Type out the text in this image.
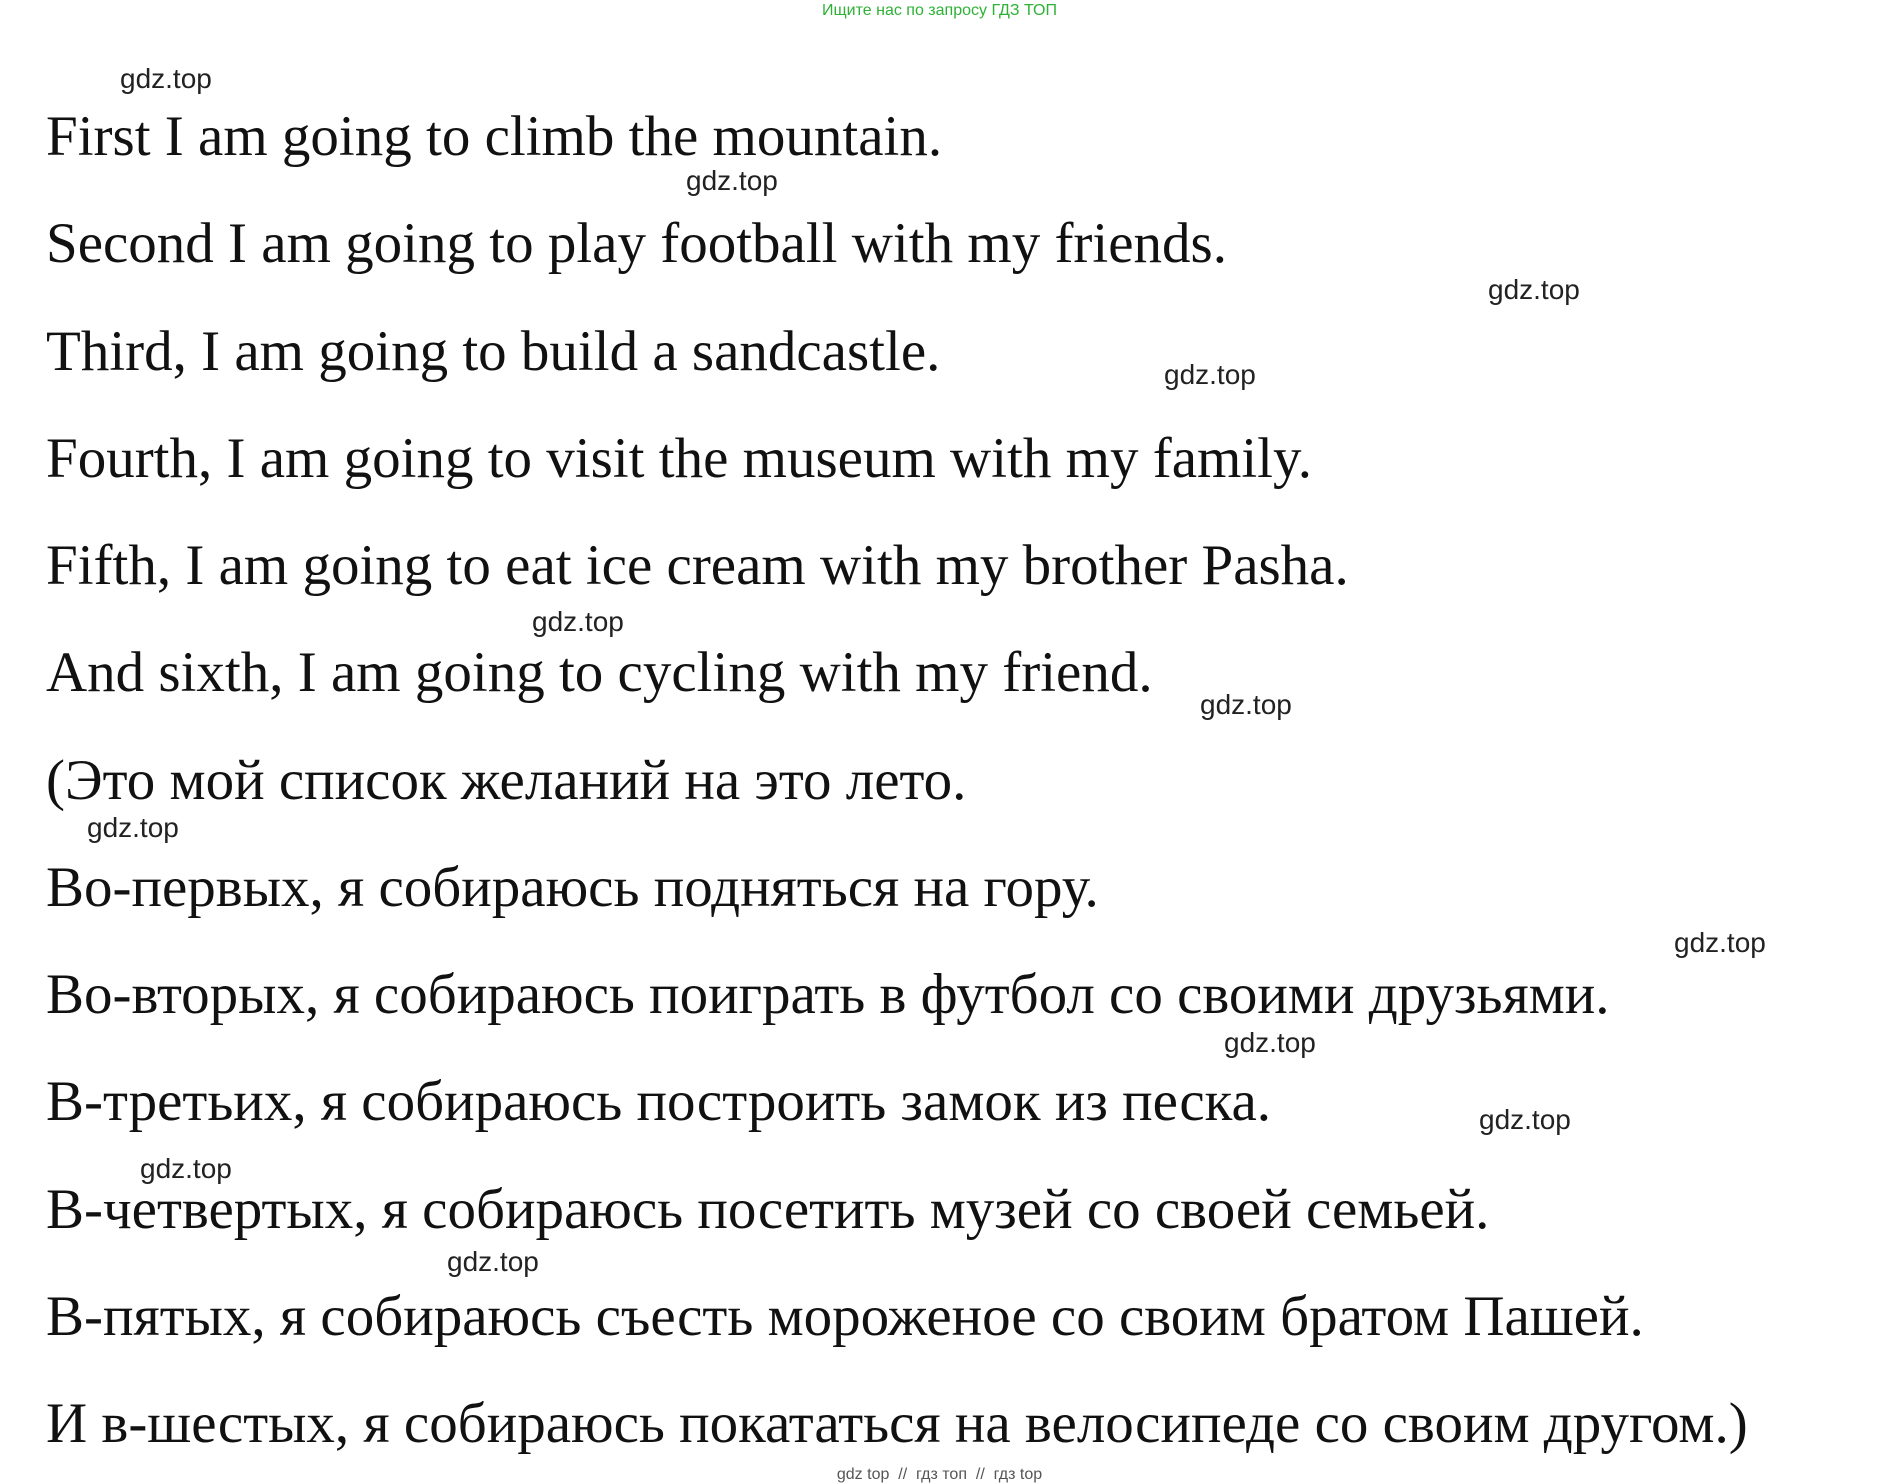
Ищите нас по запросу ГДЗ ТОП

First I am going to climb the mountain.

Second I am going to play football with my friends.

Third, I am going to build a sandcastle.

Fourth, I am going to visit the museum with my family.

Fifth, I am going to eat ice cream with my brother Pasha.

And sixth, I am going to cycling with my friend.

(Это мой список желаний на это лето.

Во-первых, я собираюсь подняться на гору.

Во-вторых, я собираюсь поиграть в футбол со своими друзьями.

В-третьих, я собираюсь построить замок из песка.

В-четвертых, я собираюсь посетить музей со своей семьей.

В-пятых, я собираюсь съесть мороженое со своим братом Пашей.

И в-шестых, я собираюсь покататься на велосипеде со своим другом.)

gdz.top
gdz.top
gdz.top
gdz.top
gdz.top
gdz.top
gdz.top
gdz.top
gdz.top
gdz.top
gdz.top
gdz.top
gdz top  //  гдз топ  //  гдз top
